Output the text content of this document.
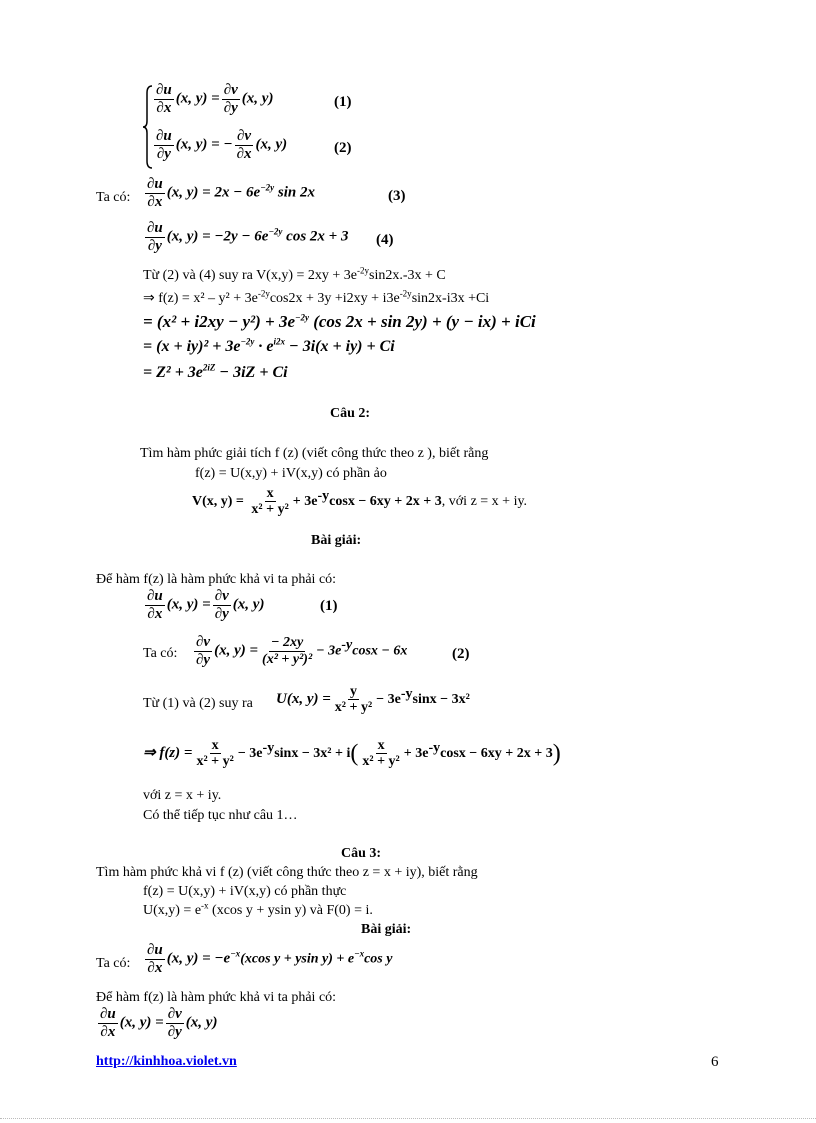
$\frac{\partial u}{\partial x} (x$, $y) = \frac{\partial v}{\partial y} (x$, y)	(1)
$\frac{\partial u}{\partial y} (x$, y) = − $\frac{\partial v}{\partial x} (x$, y)	(2)
Ta có: $\frac{\partial u}{\partial x} (x$, $y) = 2x - 6e^{-2y}$ sin 2x	(3)
$\frac{\partial u}{\partial y} (x$, $y) = -2y - 6e^{-2y}$ cos 2x + 3 (4)
Từ (2) và (4) suy ra $V(x,y) = 2xy + 3e^{-2y}\sin 2x.-3x + C$
⇒ $f(z) = x^2 - y^2 + 3e^{-2y}\cos 2x + 3y +i2xy + i3e^{-2y}\sin 2x-i3x +Ci$
= $(x^2 + i2xy - y^2) + 3e^{-2y}$ (cos 2x + sin 2y) + (y − ix) + iCi
= $(x + iy)^2 + 3e^{-2y} \cdot e^{i2x} - 3i(x + iy) + Ci$
= $Z^2 + 3e^{2iZ} - 3iZ + Ci$
Câu 2:
Tìm hàm phức giải tích f (z) (viết công thức theo z ), biết rằng
f(z) = U(x,y) + iV(x,y) có phần ảo
V(x, $y) = \frac{x}{\text{x² + y²}} + 3e^{-y}\cos x - 6xy + 2x + 3$, với z = x + iy.
Bài giải:
Để hàm f(z) là hàm phức khả vi ta phải có:
$\frac{\partial u}{\partial x} (x$, $y) = \frac{\partial v}{\partial y} (x$, y)	(1)
Ta có: $\frac{\partial v}{\partial y} (x$, $y) = \frac{- 2xy}{\text{(x² + y²)²}} - 3e^{-y}\cos x - 6x$	(2)
Từ (1) và (2) suy ra U(x, $y) = \frac{y}{\text{x² + y²}} - 3e^{-y}\sin x - 3x^2$
⇒ $f(z) = \frac{x}{\text{x² + y²}} - 3e^{-y}\sin x - 3x^2 + i( \frac{x}{\text{x² + y²}} + 3e^{-y}\cos x - 6xy + 2x + 3)$
với z = x + iy.
Có thể tiếp tục như câu 1…
Câu 3:
Tìm hàm phức khả vi f (z) (viết công thức theo z = x + iy), biết rằng
f(z) = U(x,y) + iV(x,y) có phần thực
$U(x,y) = e^{-x}$ (xcos y + ysin y) và F(0) = i.
Bài giải:
Ta có: $\frac{\partial u}{\partial x} (x$, $y) = -e^{-x}(xcos$ y + ysin $y) + e^{-x}\cos$ y
Để hàm f(z) là hàm phức khả vi ta phải có:
$\frac{\partial u}{\partial x} (x$, $y) = \frac{\partial v}{\partial y} (x$, y)
http://kinhhoa.violet.vn	6
